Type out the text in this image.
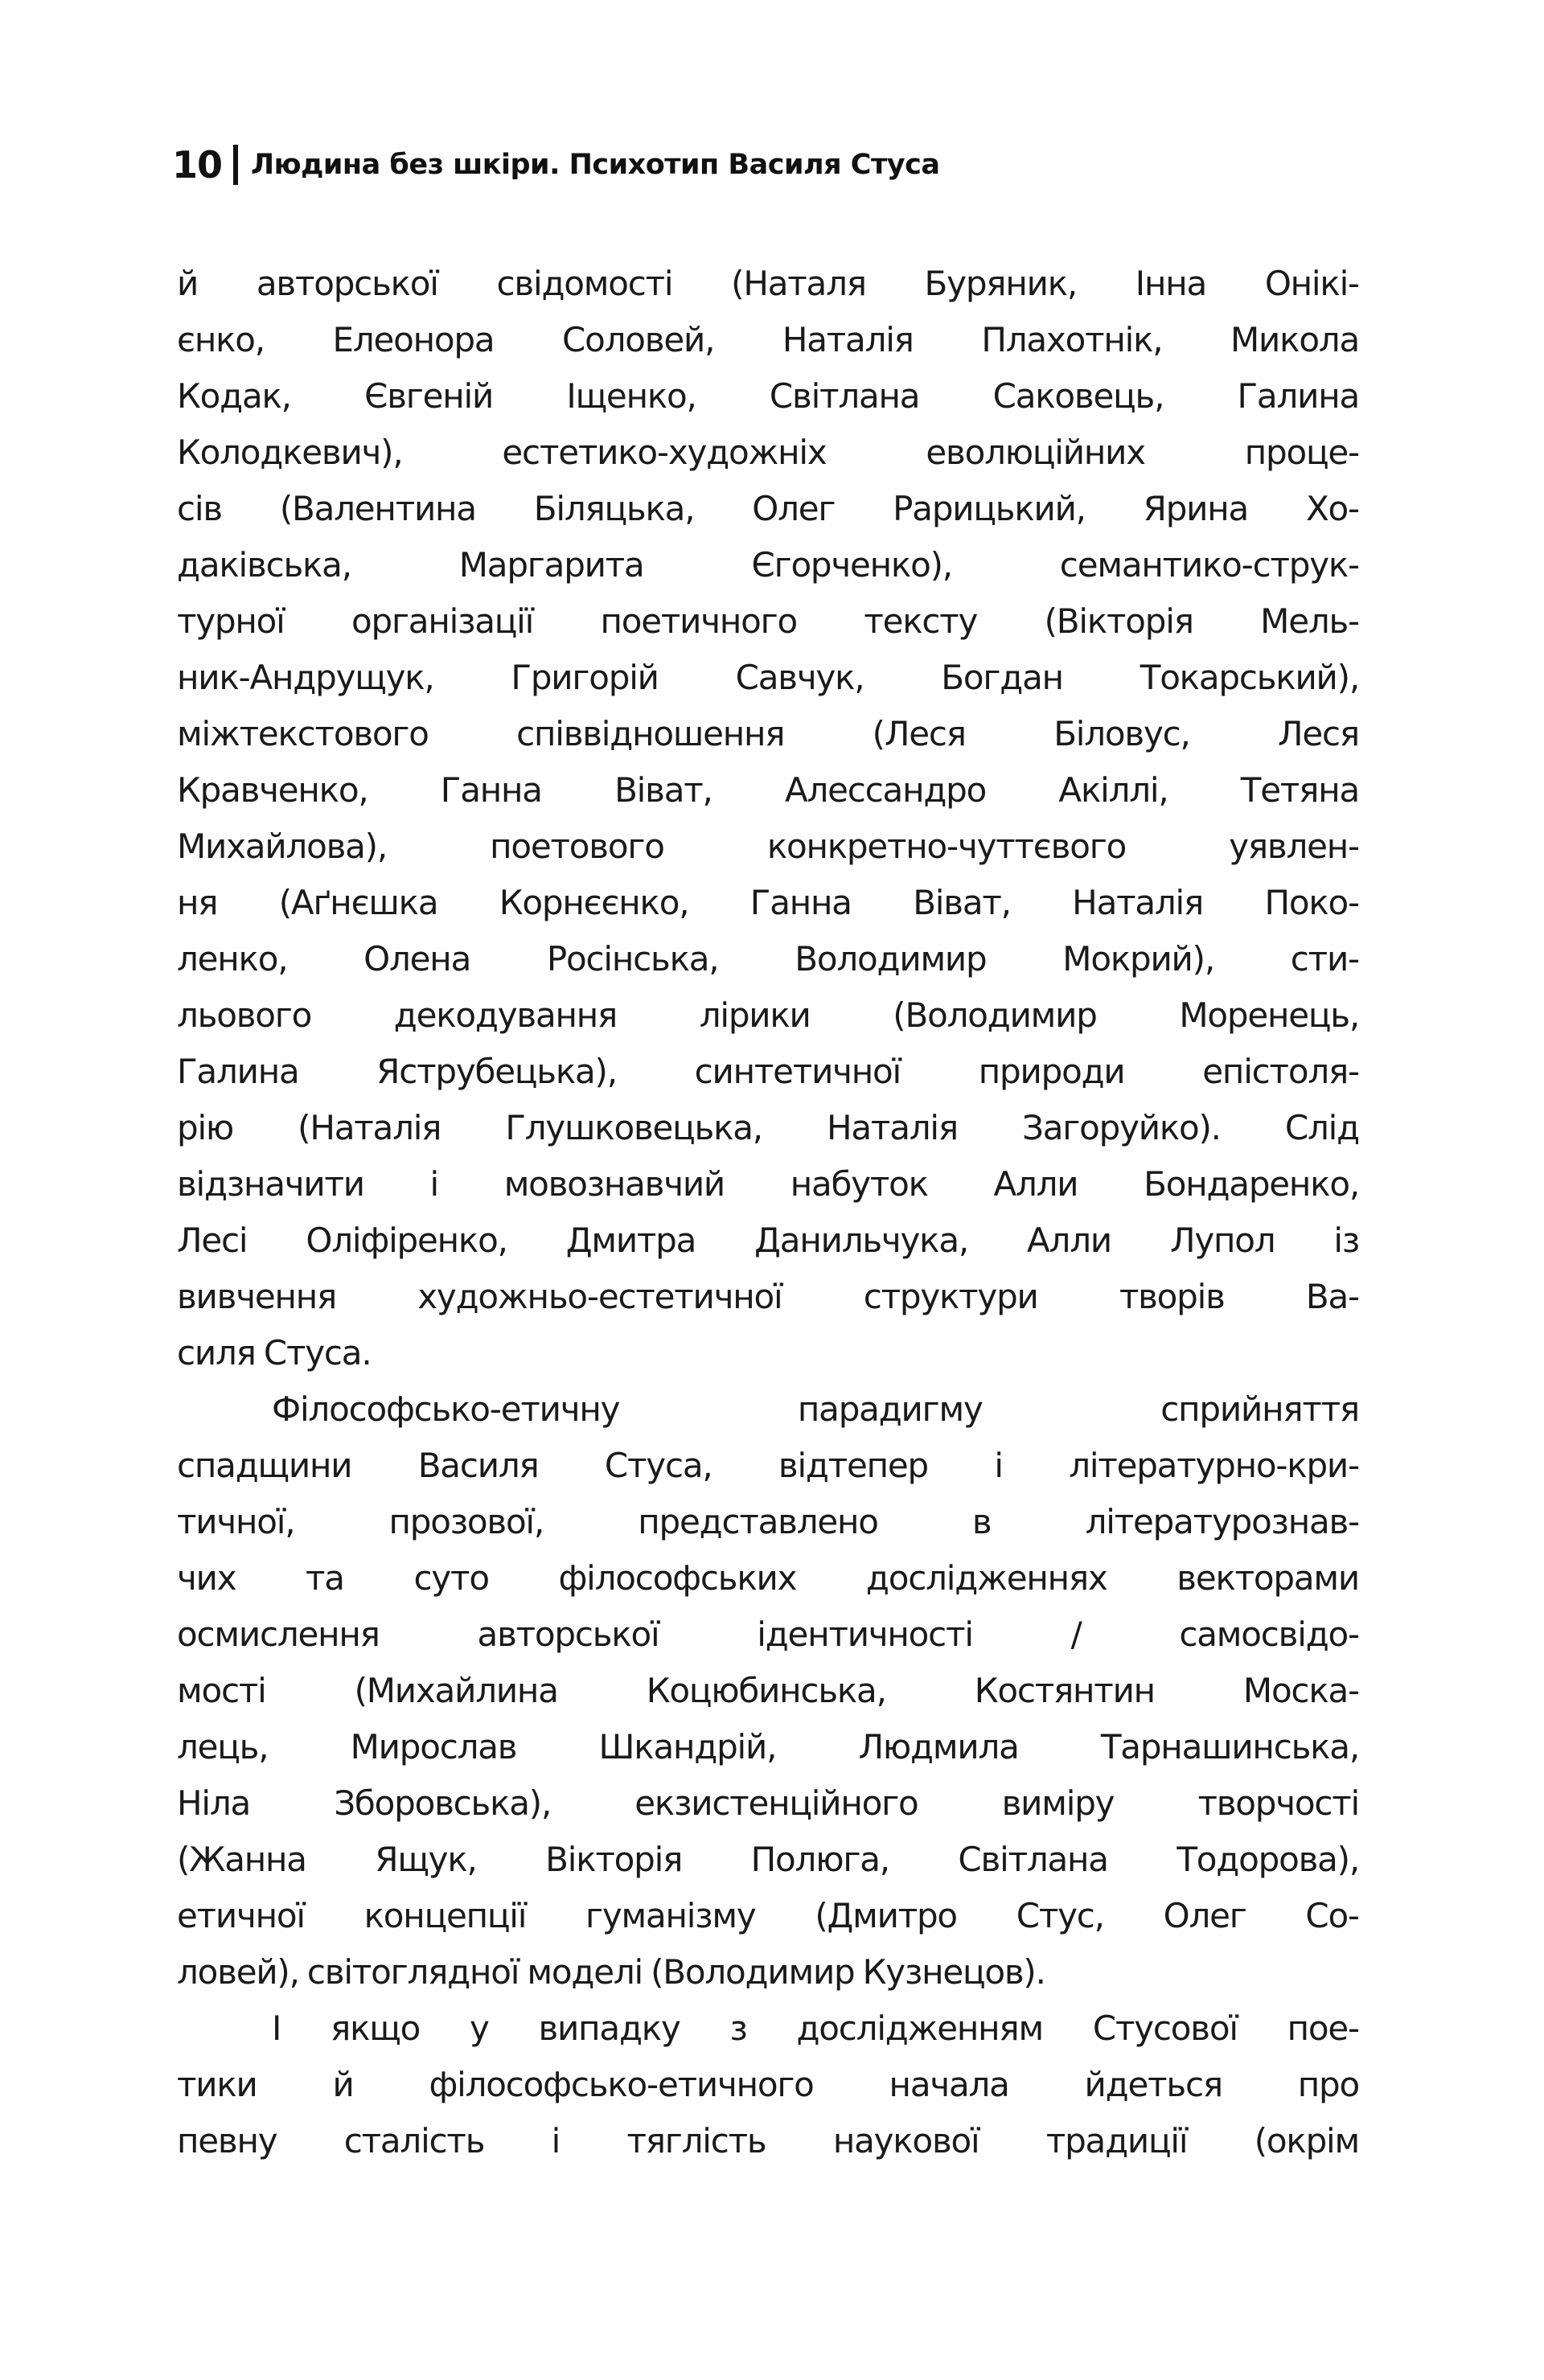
10 Людина без шкіри. Психотип Василя Стуса
й авторської свідомості (Наталя Буряник, Інна Онікі-
єнко, Елеонора Соловей, Наталія Плахотнік, Микола
Кодак, Євгеній Іщенко, Світлана Саковець, Галина
Колодкевич), естетико-художніх еволюційних проце-
сів (Валентина Біляцька, Олег Рарицький, Ярина Хо-
даківська, Маргарита Єгорченко), семантико-струк-
турної організації поетичного тексту (Вікторія Мель-
ник-Андрущук, Григорій Савчук, Богдан Токарський),
міжтекстового співвідношення (Леся Біловус, Леся
Кравченко, Ганна Віват, Алессандро Акіллі, Тетяна
Михайлова), поетового конкретно-чуттєвого уявлен-
ня (Аґнєшка Корнєєнко, Ганна Віват, Наталія Поко-
ленко, Олена Росінська, Володимир Мокрий), сти-
льового декодування лірики (Володимир Моренець,
Галина Яструбецька), синтетичної природи епістоля-
рію (Наталія Глушковецька, Наталія Загоруйко). Слід
відзначити і мовознавчий набуток Алли Бондаренко,
Лесі Оліфіренко, Дмитра Данильчука, Алли Лупол із
вивчення художньо-естетичної структури творів Ва-
силя Стуса.
Філософсько-етичну парадигму сприйняття
спадщини Василя Стуса, відтепер і літературно-кри-
тичної, прозової, представлено в літературознав-
чих та суто філософських дослідженнях векторами
осмислення авторської ідентичності / самосвідо-
мості (Михайлина Коцюбинська, Костянтин Моска-
лець, Мирослав Шкандрій, Людмила Тарнашинська,
Ніла Зборовська), екзистенційного виміру творчості
(Жанна Ящук, Вікторія Полюга, Світлана Тодорова),
етичної концепції гуманізму (Дмитро Стус, Олег Со-
ловей), світоглядної моделі (Володимир Кузнецов).
І якщо у випадку з дослідженням Стусової пое-
тики й філософсько-етичного начала йдеться про
певну сталість і тяглість наукової традиції (окрім
